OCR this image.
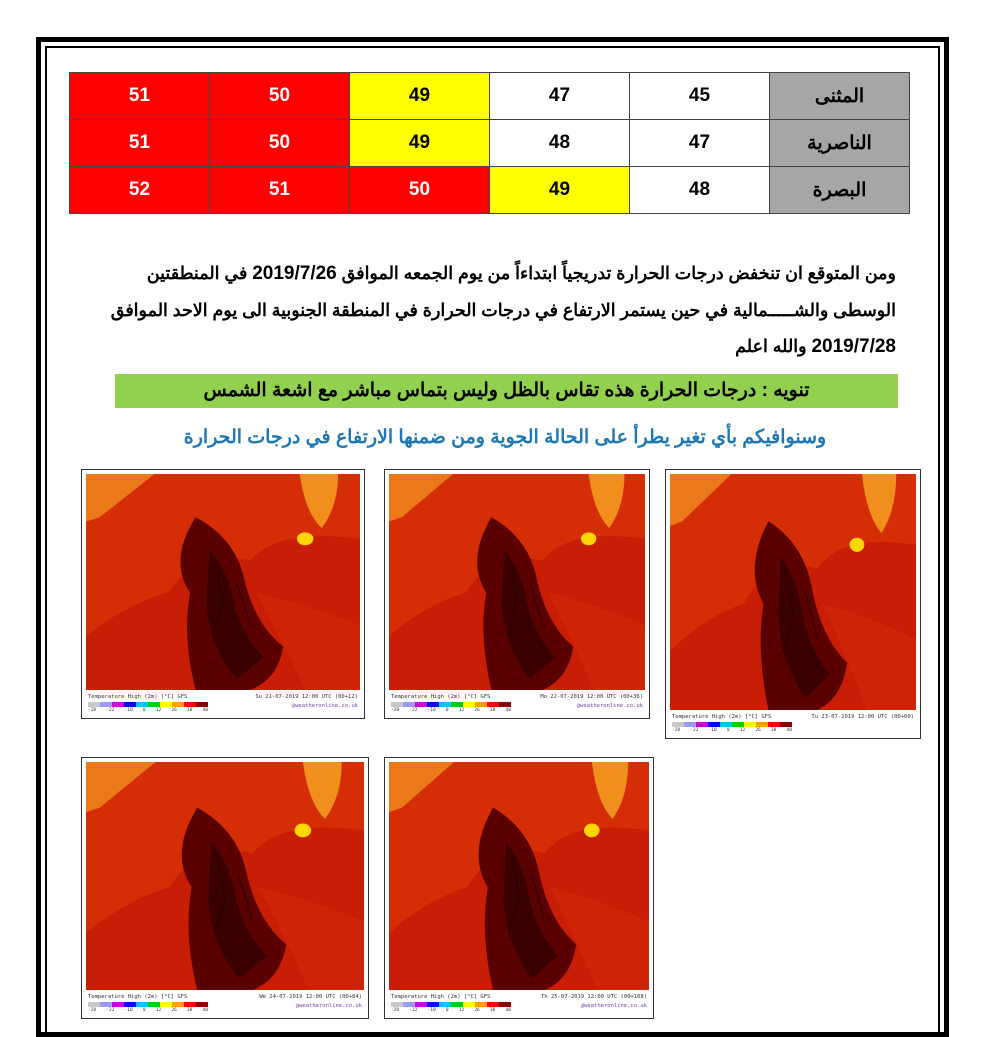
51	50	49	47	45	المثنى
51	50	49	48	47	الناصرية
52	51	50	49	48	البصرة
ومن المتوقع ان تنخفض درجات الحرارة تدريجياً ابتداءاً من يوم الجمعه الموافق 2019/7/26 في المنطقتين الوسطى والشـــــمالية في حين يستمر الارتفاع في درجات الحرارة في المنطقة الجنوبية الى يوم الاحد الموافق 2019/7/28 والله اعلم
تنويه : درجات الحرارة هذه تقاس بالظل وليس بتماس مباشر مع اشعة الشمس
وسنوافيكم بأي تغير يطرأ على الحالة الجوية ومن ضمنها الارتفاع في درجات الحرارة
Temperature High (2m) [°C] GFS	Su 21-07-2019 12:00 UTC (00+12)
@weatheronline.co.uk
-28 -22 -10 0 12 26 38 48
Temperature High (2m) [°C] GFS	Mo 22-07-2019 12:00 UTC (00+36)
@weatheronline.co.uk
-28 -22 -10 0 12 26 38 48
Temperature High (2m) [°C] GFS	Tu 23-07-2019 12:00 UTC (00+60)
-28 -22 -10 0 12 26 38 48
Temperature High (2m) [°C] GFS	We 24-07-2019 12:00 UTC (00+84)
@weatheronline.co.uk
-28 -22 -10 0 12 26 38 48
Temperature High (2m) [°C] GFS	Th 25-07-2019 12:00 UTC (00+108)
@weatheronline.co.uk
-28 -22 -10 0 12 26 38 48
